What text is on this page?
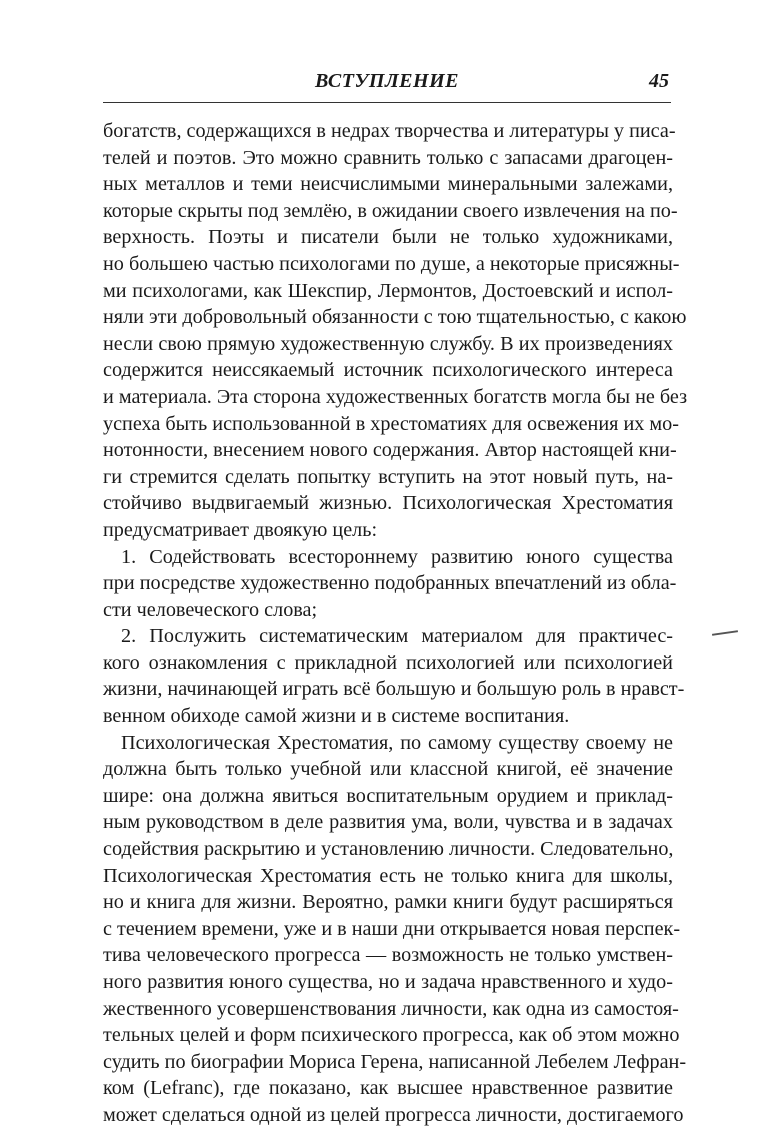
ВСТУПЛЕНИЕ	45
богатств, содержащихся в недрах творчества и литературы у писа-
телей и поэтов. Это можно сравнить только с запасами драгоцен-
ных металлов и теми неисчислимыми минеральными залежами,
которые скрыты под землёю, в ожидании своего извлечения на по-
верхность. Поэты и писатели были не только художниками,
но большею частью психологами по душе, а некоторые присяжны-
ми психологами, как Шекспир, Лермонтов, Достоевский и испол-
няли эти добровольный обязанности с тою тщательностью, с какою
несли свою прямую художественную службу. В их произведениях
содержится неиссякаемый источник психологического интереса
и материала. Эта сторона художественных богатств могла бы не без
успеха быть использованной в хрестоматиях для освежения их мо-
нотонности, внесением нового содержания. Автор настоящей кни-
ги стремится сделать попытку вступить на этот новый путь, на-
стойчиво выдвигаемый жизнью. Психологическая Хрестоматия
предусматривает двоякую цель:
1. Содействовать всестороннему развитию юного существа
при посредстве художественно подобранных впечатлений из обла-
сти человеческого слова;
2. Послужить систематическим материалом для практичес-
кого ознакомления с прикладной психологией или психологией
жизни, начинающей играть всё большую и большую роль в нравст-
венном обиходе самой жизни и в системе воспитания.
Психологическая Хрестоматия, по самому существу своему не
должна быть только учебной или классной книгой, её значение
шире: она должна явиться воспитательным орудием и приклад-
ным руководством в деле развития ума, воли, чувства и в задачах
содействия раскрытию и установлению личности. Следовательно,
Психологическая Хрестоматия есть не только книга для школы,
но и книга для жизни. Вероятно, рамки книги будут расширяться
с течением времени, уже и в наши дни открывается новая перспек-
тива человеческого прогресса — возможность не только умствен-
ного развития юного существа, но и задача нравственного и худо-
жественного усовершенствования личности, как одна из самостоя-
тельных целей и форм психического прогресса, как об этом можно
судить по биографии Мориса Герена, написанной Лебелем Лефран-
ком (Lefranc), где показано, как высшее нравственное развитие
может сделаться одной из целей прогресса личности, достигаемого
